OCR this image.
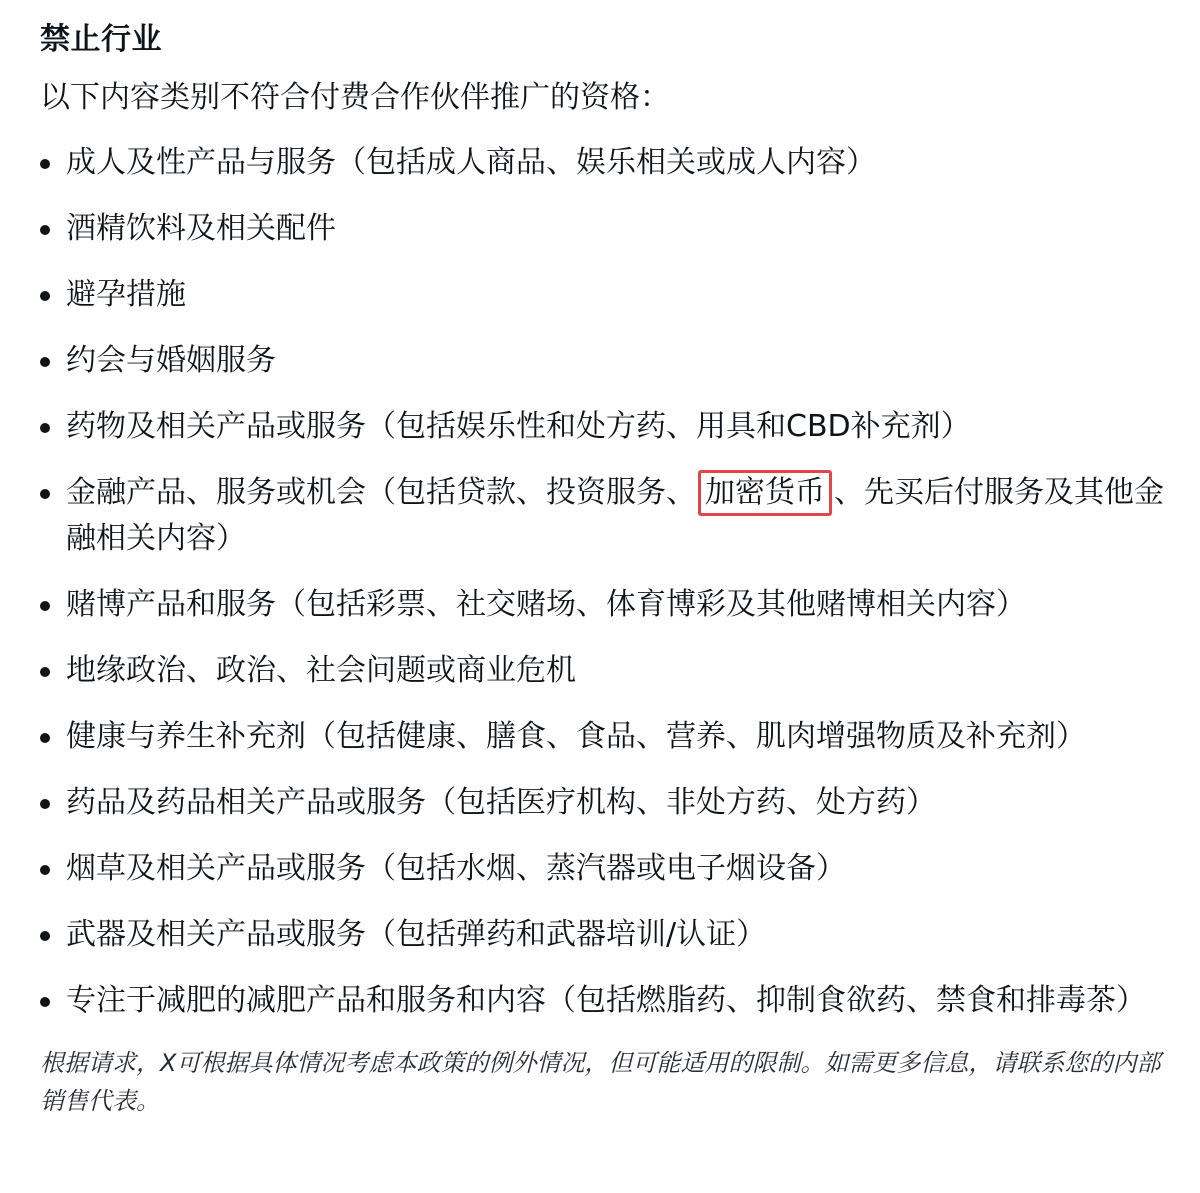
禁止行业
以下内容类别不符合付费合作伙伴推广的资格：
成人及性产品与服务（包括成人商品、娱乐相关或成人内容）
酒精饮料及相关配件
避孕措施
约会与婚姻服务
药物及相关产品或服务（包括娱乐性和处方药、用具和CBD补充剂）
金融产品、服务或机会（包括贷款、投资服务、 加密货币 、先买后付服务及其他金融相关内容）
赌博产品和服务（包括彩票、社交赌场、体育博彩及其他赌博相关内容）
地缘政治、政治、社会问题或商业危机
健康与养生补充剂（包括健康、膳食、食品、营养、肌肉增强物质及补充剂）
药品及药品相关产品或服务（包括医疗机构、非处方药、处方药）
烟草及相关产品或服务（包括水烟、蒸汽器或电子烟设备）
武器及相关产品或服务（包括弹药和武器培训/认证）
专注于减肥的减肥产品和服务和内容（包括燃脂药、抑制食欲药、禁食和排毒茶）
根据请求，X可根据具体情况考虑本政策的例外情况，但可能适用的限制。如需更多信息，请联系您的内部销售代表。
